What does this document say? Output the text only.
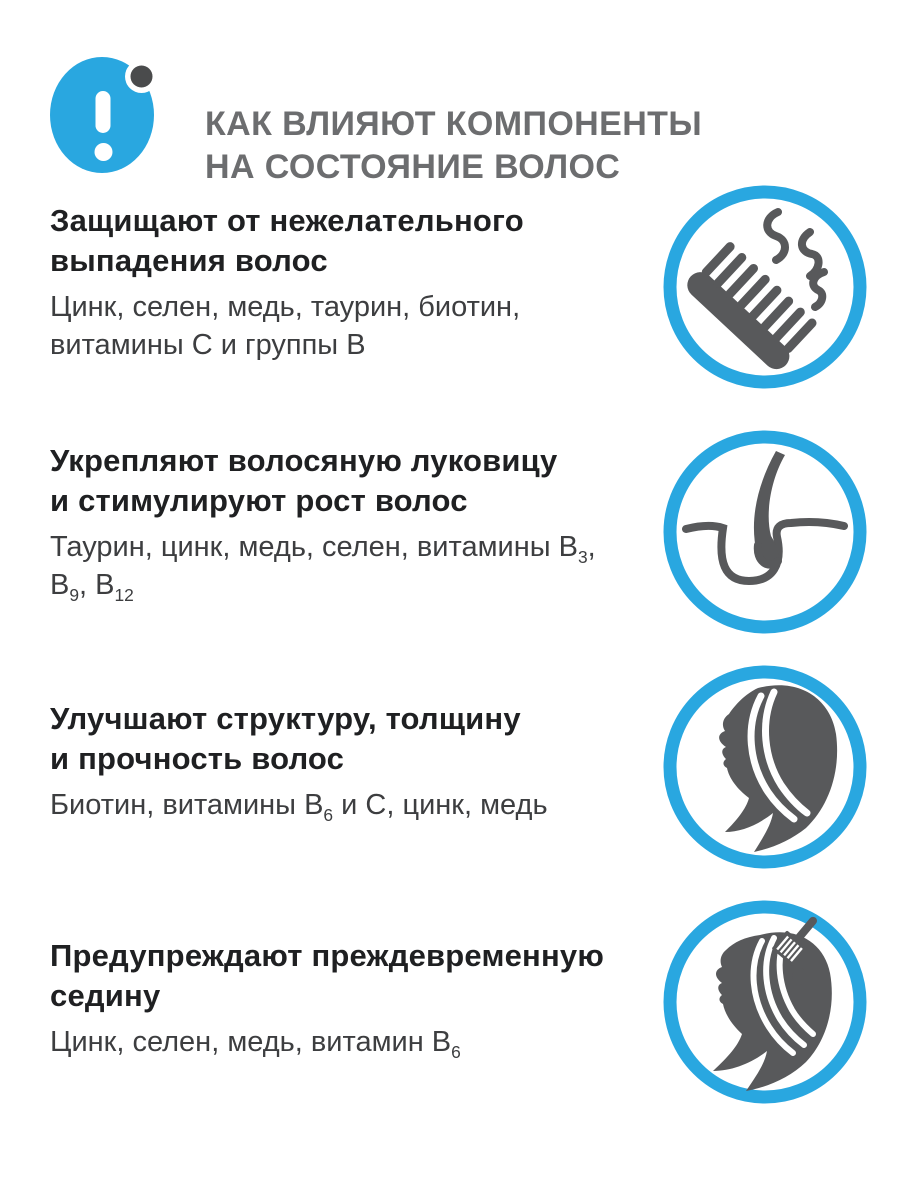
КАК ВЛИЯЮТ КОМПОНЕНТЫ
НА СОСТОЯНИЕ ВОЛОС
Защищают от нежелательного
выпадения волос

Цинк, селен, медь, таурин, биотин,
витамины С и группы В

Укрепляют волосяную луковицу
и стимулируют рост волос

Таурин, цинк, медь, селен, витамины $В_3$,
$В_9$, $В_{12}$

Улучшают структуру, толщину
и прочность волос

Биотин, витамины $В_6$ и С, цинк, медь

Предупреждают преждевременную
седину

Цинк, селен, медь, витамин $В_6$
